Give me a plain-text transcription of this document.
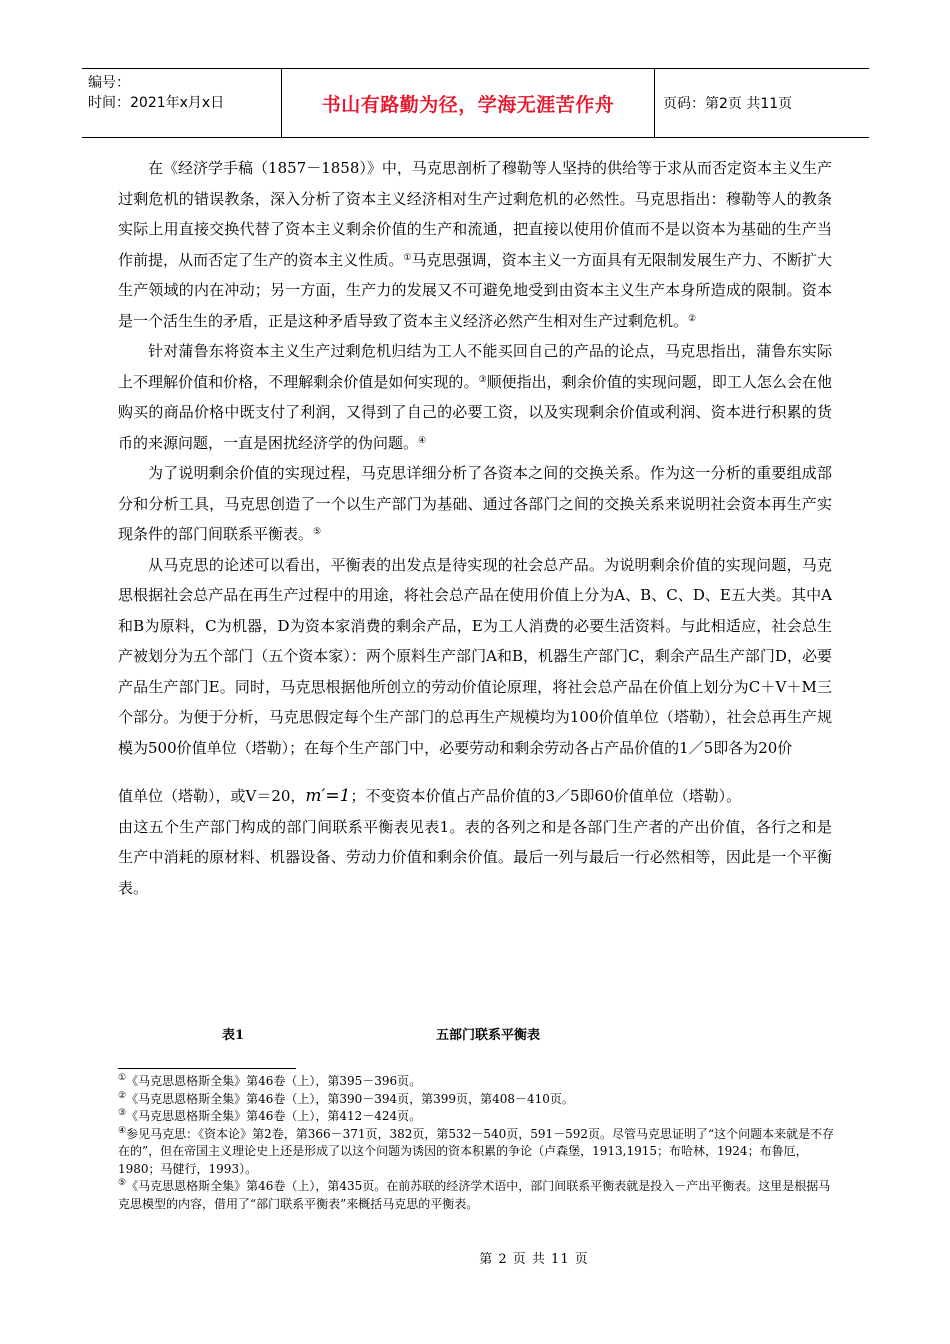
编号：
时间：2021年x月x日	书山有路勤为径，学海无涯苦作舟	页码：第2页 共11页

在《经济学手稿（1857－1858）》中，马克思剖析了穆勒等人坚持的供给等于求从而否定资本主义生产过剩危机的错误教条，深入分析了资本主义经济相对生产过剩危机的必然性。马克思指出：穆勒等人的教条实际上用直接交换代替了资本主义剩余价值的生产和流通，把直接以使用价值而不是以资本为基础的生产当作前提，从而否定了生产的资本主义性质。①马克思强调，资本主义一方面具有无限制发展生产力、不断扩大生产领域的内在冲动；另一方面，生产力的发展又不可避免地受到由资本主义生产本身所造成的限制。资本是一个活生生的矛盾，正是这种矛盾导致了资本主义经济必然产生相对生产过剩危机。②

针对蒲鲁东将资本主义生产过剩危机归结为工人不能买回自己的产品的论点，马克思指出，蒲鲁东实际上不理解价值和价格，不理解剩余价值是如何实现的。③顺便指出，剩余价值的实现问题，即工人怎么会在他购买的商品价格中既支付了利润，又得到了自己的必要工资，以及实现剩余价值或利润、资本进行积累的货币的来源问题，一直是困扰经济学的伪问题。④

为了说明剩余价值的实现过程，马克思详细分析了各资本之间的交换关系。作为这一分析的重要组成部分和分析工具，马克思创造了一个以生产部门为基础、通过各部门之间的交换关系来说明社会资本再生产实现条件的部门间联系平衡表。⑤

从马克思的论述可以看出，平衡表的出发点是待实现的社会总产品。为说明剩余价值的实现问题，马克思根据社会总产品在再生产过程中的用途，将社会总产品在使用价值上分为A、B、C、D、E五大类。其中A和B为原料，C为机器，D为资本家消费的剩余产品，E为工人消费的必要生活资料。与此相适应，社会总生产被划分为五个部门（五个资本家）：两个原料生产部门A和B，机器生产部门C，剩余产品生产部门D，必要产品生产部门E。同时，马克思根据他所创立的劳动价值论原理，将社会总产品在价值上划分为C＋V＋M三个部分。为便于分析，马克思假定每个生产部门的总再生产规模均为100价值单位（塔勒），社会总再生产规模为500价值单位（塔勒）；在每个生产部门中，必要劳动和剩余劳动各占产品价值的1／5即各为20价

值单位（塔勒），或V＝20，m′=1；不变资本价值占产品价值的3／5即60价值单位（塔勒）。

由这五个生产部门构成的部门间联系平衡表见表1。表的各列之和是各部门生产者的产出价值，各行之和是生产中消耗的原材料、机器设备、劳动力价值和剩余价值。最后一列与最后一行必然相等，因此是一个平衡表。

表1	五部门联系平衡表
①《马克思恩格斯全集》第46卷（上），第395－396页。
②《马克思恩格斯全集》第46卷（上），第390－394页，第399页，第408－410页。
③《马克思恩格斯全集》第46卷（上），第412－424页。
④参见马克思：《资本论》第2卷，第366－371页，382页，第532－540页，591－592页。尽管马克思证明了“这个问题本来就是不存在的”，但在帝国主义理论史上还是形成了以这个问题为诱因的资本积累的争论（卢森堡，1913,1915；布哈林，1924；布鲁厄，1980；马健行，1993）。
⑤《马克思恩格斯全集》第46卷（上），第435页。在前苏联的经济学术语中，部门间联系平衡表就是投入－产出平衡表。这里是根据马克思模型的内容，借用了“部门联系平衡表”来概括马克思的平衡表。
第 2 页 共 11 页
